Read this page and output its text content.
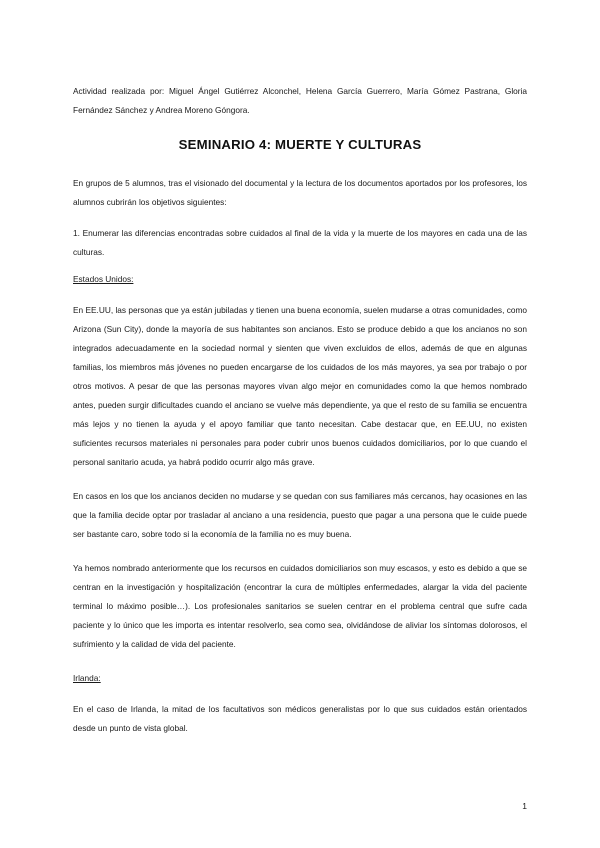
Actividad realizada por: Miguel Ángel Gutiérrez Alconchel, Helena García Guerrero, María Gómez Pastrana, Gloria Fernández Sánchez y Andrea Moreno Góngora.

SEMINARIO 4: MUERTE Y CULTURAS

En grupos de 5 alumnos, tras el visionado del documental y la lectura de los documentos aportados por los profesores, los alumnos cubrirán los objetivos siguientes:

1. Enumerar las diferencias encontradas sobre cuidados al final de la vida y la muerte de los mayores en cada una de las culturas.

Estados Unidos:

En EE.UU, las personas que ya están jubiladas y tienen una buena economía, suelen mudarse a otras comunidades, como Arizona (Sun City), donde la mayoría de sus habitantes son ancianos. Esto se produce debido a que los ancianos no son integrados adecuadamente en la sociedad normal y sienten que viven excluidos de ellos, además de que en algunas familias, los miembros más jóvenes no pueden encargarse de los cuidados de los más mayores, ya sea por trabajo o por otros motivos. A pesar de que las personas mayores vivan algo mejor en comunidades como la que hemos nombrado antes, pueden surgir dificultades cuando el anciano se vuelve más dependiente, ya que el resto de su familia se encuentra más lejos y no tienen la ayuda y el apoyo familiar que tanto necesitan. Cabe destacar que, en EE.UU, no existen suficientes recursos materiales ni personales para poder cubrir unos buenos cuidados domiciliarios, por lo que cuando el personal sanitario acuda, ya habrá podido ocurrir algo más grave.

En casos en los que los ancianos deciden no mudarse y se quedan con sus familiares más cercanos, hay ocasiones en las que la familia decide optar por trasladar al anciano a una residencia, puesto que pagar a una persona que le cuide puede ser bastante caro, sobre todo si la economía de la familia no es muy buena.

Ya hemos nombrado anteriormente que los recursos en cuidados domiciliarios son muy escasos, y esto es debido a que se centran en la investigación y hospitalización (encontrar la cura de múltiples enfermedades, alargar la vida del paciente terminal lo máximo posible…). Los profesionales sanitarios se suelen centrar en el problema central que sufre cada paciente y lo único que les importa es intentar resolverlo, sea como sea, olvidándose de aliviar los síntomas dolorosos, el sufrimiento y la calidad de vida del paciente.

Irlanda:

En el caso de Irlanda, la mitad de los facultativos son médicos generalistas por lo que sus cuidados están orientados desde un punto de vista global.

1
